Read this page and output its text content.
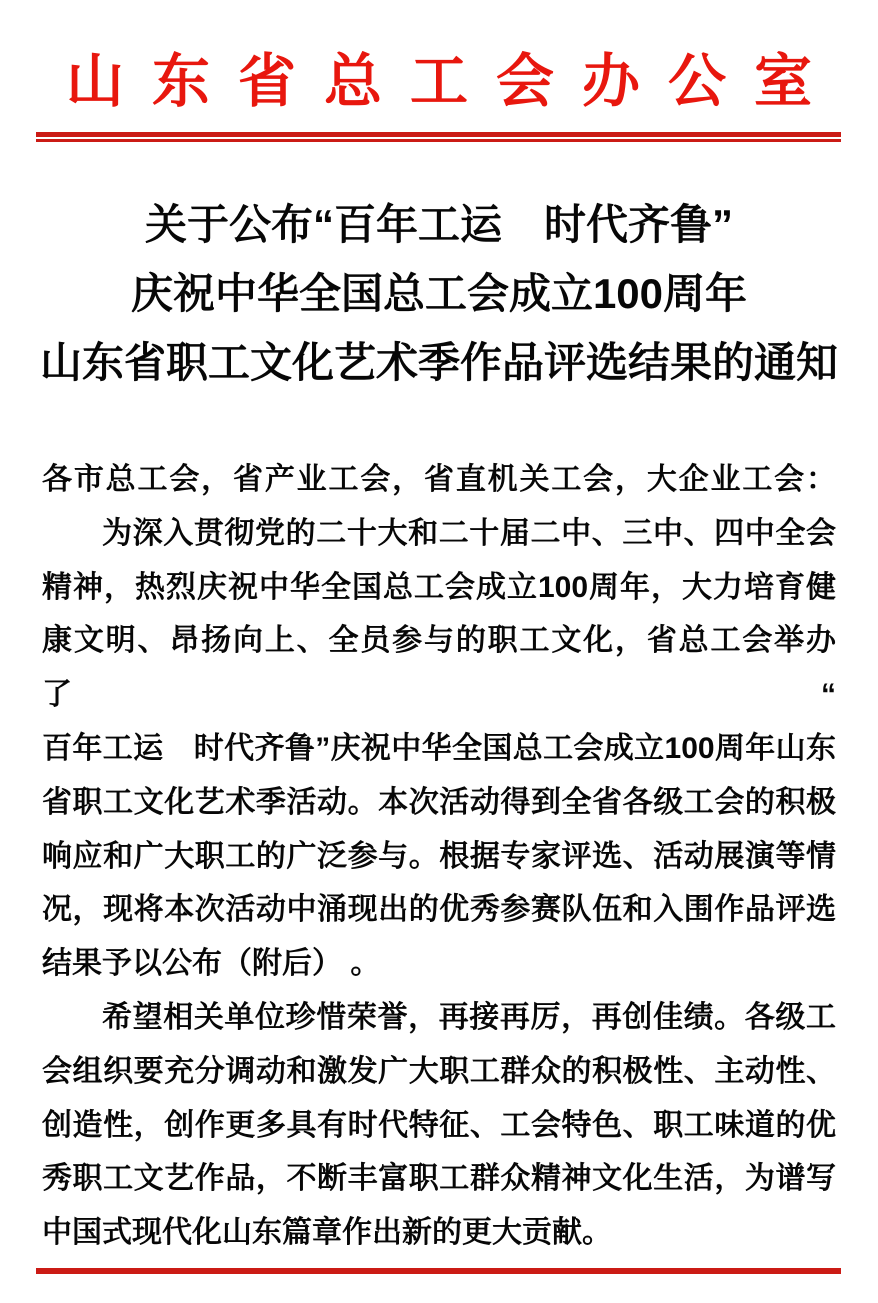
山东省总工会办公室
关于公布“百年工运　时代齐鲁”
庆祝中华全国总工会成立100周年
山东省职工文化艺术季作品评选结果的通知

各市总工会，省产业工会，省直机关工会，大企业工会：

为深入贯彻党的二十大和二十届二中、三中、四中全会

精神，热烈庆祝中华全国总工会成立100周年，大力培育健

康文明、昂扬向上、全员参与的职工文化，省总工会举办了“

百年工运　时代齐鲁”庆祝中华全国总工会成立100周年山东

省职工文化艺术季活动。本次活动得到全省各级工会的积极

响应和广大职工的广泛参与。根据专家评选、活动展演等情

况，现将本次活动中涌现出的优秀参赛队伍和入围作品评选

结果予以公布（附后） 。

希望相关单位珍惜荣誉，再接再厉，再创佳绩。各级工

会组织要充分调动和激发广大职工群众的积极性、主动性、

创造性，创作更多具有时代特征、工会特色、职工味道的优

秀职工文艺作品，不断丰富职工群众精神文化生活，为谱写

中国式现代化山东篇章作出新的更大贡献。
